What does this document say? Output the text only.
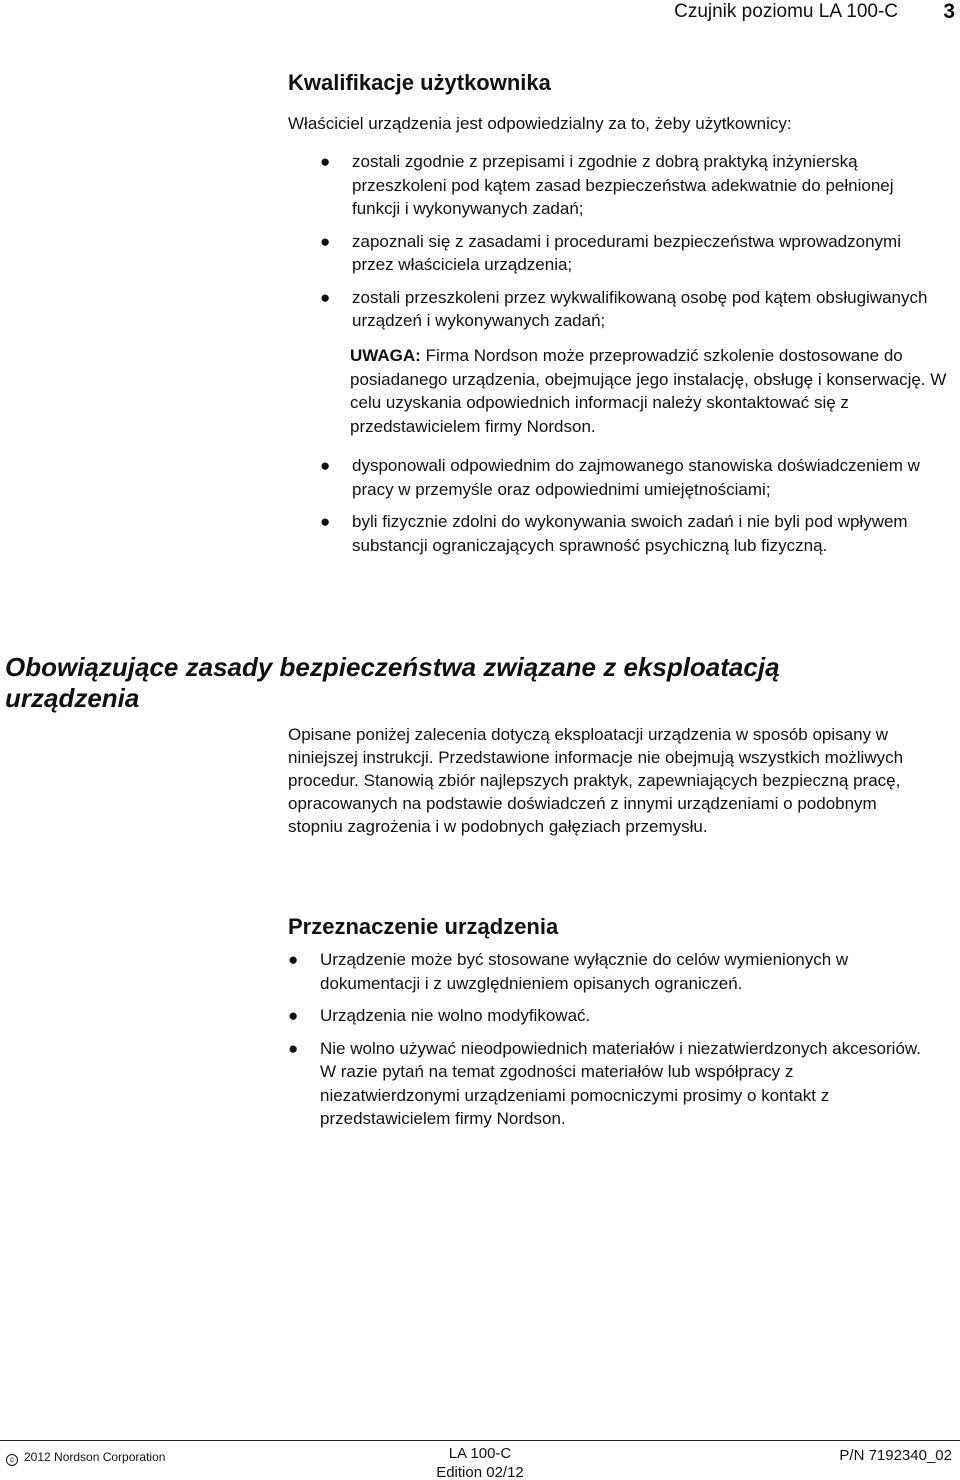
Czujnik poziomu LA 100-C 3
Kwalifikacje użytkownika
Właściciel urządzenia jest odpowiedzialny za to, żeby użytkownicy:
● zostali zgodnie z przepisami i zgodnie z dobrą praktyką inżynierską przeszkoleni pod kątem zasad bezpieczeństwa adekwatnie do pełnionej funkcji i wykonywanych zadań;
● zapoznali się z zasadami i procedurami bezpieczeństwa wprowadzonymi przez właściciela urządzenia;
● zostali przeszkoleni przez wykwalifikowaną osobę pod kątem obsługiwanych urządzeń i wykonywanych zadań;
UWAGA: Firma Nordson może przeprowadzić szkolenie dostosowane do posiadanego urządzenia, obejmujące jego instalację, obsługę i konserwację. W celu uzyskania odpowiednich informacji należy skontaktować się z przedstawicielem firmy Nordson.
● dysponowali odpowiednim do zajmowanego stanowiska doświadczeniem w pracy w przemyśle oraz odpowiednimi umiejętnościami;
● byli fizycznie zdolni do wykonywania swoich zadań i nie byli pod wpływem substancji ograniczających sprawność psychiczną lub fizyczną.
Obowiązujące zasady bezpieczeństwa związane z eksploatacją urządzenia
Opisane poniżej zalecenia dotyczą eksploatacji urządzenia w sposób opisany w niniejszej instrukcji. Przedstawione informacje nie obejmują wszystkich możliwych procedur. Stanowią zbiór najlepszych praktyk, zapewniających bezpieczną pracę, opracowanych na podstawie doświadczeń z innymi urządzeniami o podobnym stopniu zagrożenia i w podobnych gałęziach przemysłu.
Przeznaczenie urządzenia
● Urządzenie może być stosowane wyłącznie do celów wymienionych w dokumentacji i z uwzględnieniem opisanych ograniczeń.
● Urządzenia nie wolno modyfikować.
● Nie wolno używać nieodpowiednich materiałów i niezatwierdzonych akcesoriów. W razie pytań na temat zgodności materiałów lub współpracy z niezatwierdzonymi urządzeniami pomocniczymi prosimy o kontakt z przedstawicielem firmy Nordson.
c 2012 Nordson Corporation	LA 100-C
Edition 02/12
P/N 7192340_02
